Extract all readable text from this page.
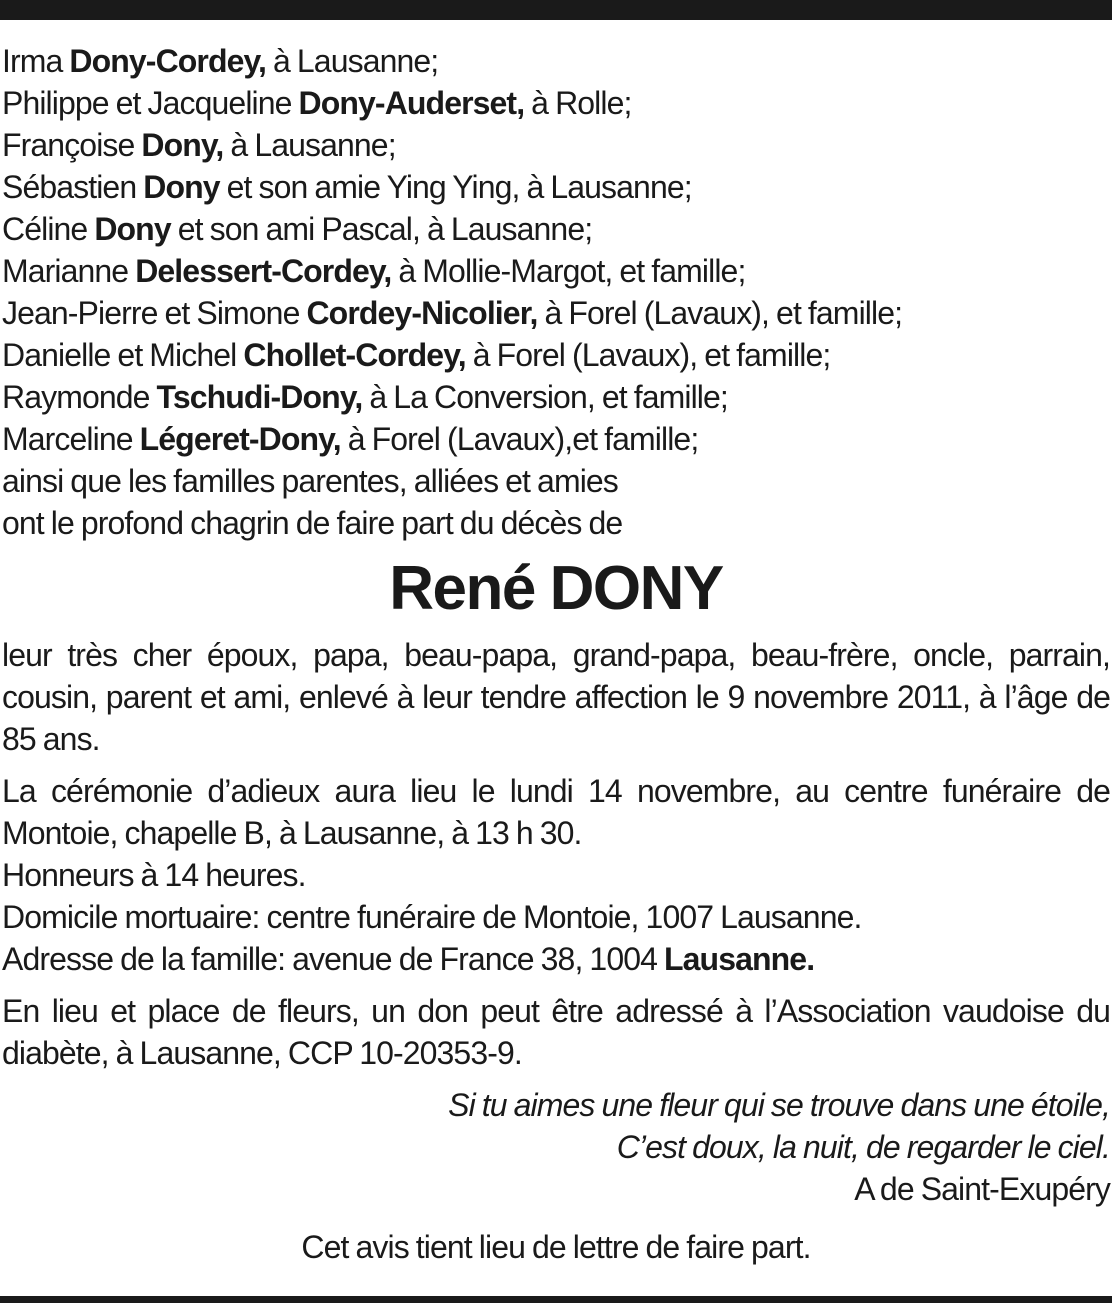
Irma Dony-Cordey, à Lausanne;
Philippe et Jacqueline Dony-Auderset, à Rolle;
Françoise Dony, à Lausanne;
Sébastien Dony et son amie Ying Ying, à Lausanne;
Céline Dony et son ami Pascal, à Lausanne;
Marianne Delessert-Cordey, à Mollie-Margot, et famille;
Jean-Pierre et Simone Cordey-Nicolier, à Forel (Lavaux), et famille;
Danielle et Michel Chollet-Cordey, à Forel (Lavaux), et famille;
Raymonde Tschudi-Dony, à La Conversion, et famille;
Marceline Légeret-Dony, à Forel (Lavaux),et famille;
ainsi que les familles parentes, alliées et amies
ont le profond chagrin de faire part du décès de
René DONY

leur très cher époux, papa, beau-papa, grand-papa, beau-frère, oncle, parrain, cousin, parent et ami, enlevé à leur tendre affection le 9 novembre 2011, à l’âge de 85 ans.

La cérémonie d’adieux aura lieu le lundi 14 novembre, au centre funéraire de Montoie, chapelle B, à Lausanne, à 13 h 30.

Honneurs à 14 heures.
Domicile mortuaire: centre funéraire de Montoie, 1007 Lausanne.
Adresse de la famille: avenue de France 38, 1004 Lausanne.

En lieu et place de fleurs, un don peut être adressé à l’Association vaudoise du diabète, à Lausanne, CCP 10-20353-9.

Si tu aimes une fleur qui se trouve dans une étoile,

C’est doux, la nuit, de regarder le ciel.

A de Saint-Exupéry
Cet avis tient lieu de lettre de faire part.
